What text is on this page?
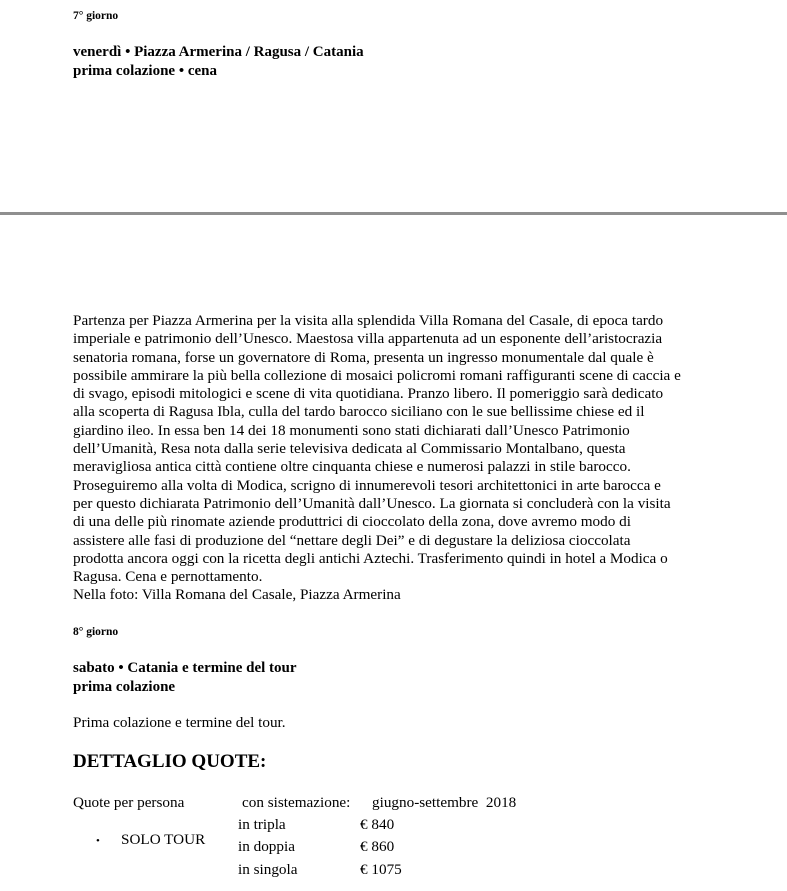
7° giorno
venerdì • Piazza Armerina / Ragusa / Catania
prima colazione • cena
Partenza per Piazza Armerina per la visita alla splendida Villa Romana del Casale, di epoca tardo
imperiale e patrimonio dell’Unesco. Maestosa villa appartenuta ad un esponente dell’aristocrazia
senatoria romana, forse un governatore di Roma, presenta un ingresso monumentale dal quale è
possibile ammirare la più bella collezione di mosaici policromi romani raffiguranti scene di caccia e
di svago, episodi mitologici e scene di vita quotidiana. Pranzo libero. Il pomeriggio sarà dedicato
alla scoperta di Ragusa Ibla, culla del tardo barocco siciliano con le sue bellissime chiese ed il
giardino ileo. In essa ben 14 dei 18 monumenti sono stati dichiarati dall’Unesco Patrimonio
dell’Umanità, Resa nota dalla serie televisiva dedicata al Commissario Montalbano, questa
meravigliosa antica città contiene oltre cinquanta chiese e numerosi palazzi in stile barocco.
Proseguiremo alla volta di Modica, scrigno di innumerevoli tesori architettonici in arte barocca e
per questo dichiarata Patrimonio dell’Umanità dall’Unesco. La giornata si concluderà con la visita
di una delle più rinomate aziende produttrici di cioccolato della zona, dove avremo modo di
assistere alle fasi di produzione del “nettare degli Dei” e di degustare la deliziosa cioccolata
prodotta ancora oggi con la ricetta degli antichi Aztechi. Trasferimento quindi in hotel a Modica o
Ragusa. Cena e pernottamento.
Nella foto: Villa Romana del Casale, Piazza Armerina
8° giorno
sabato • Catania e termine del tour
prima colazione
Prima colazione e termine del tour.
DETTAGLIO QUOTE:
Quote per persona	con sistemazione: giugno-settembre  2018
• SOLO TOUR
in tripla	€ 840
in doppia	€ 860
in singola	€ 1075
